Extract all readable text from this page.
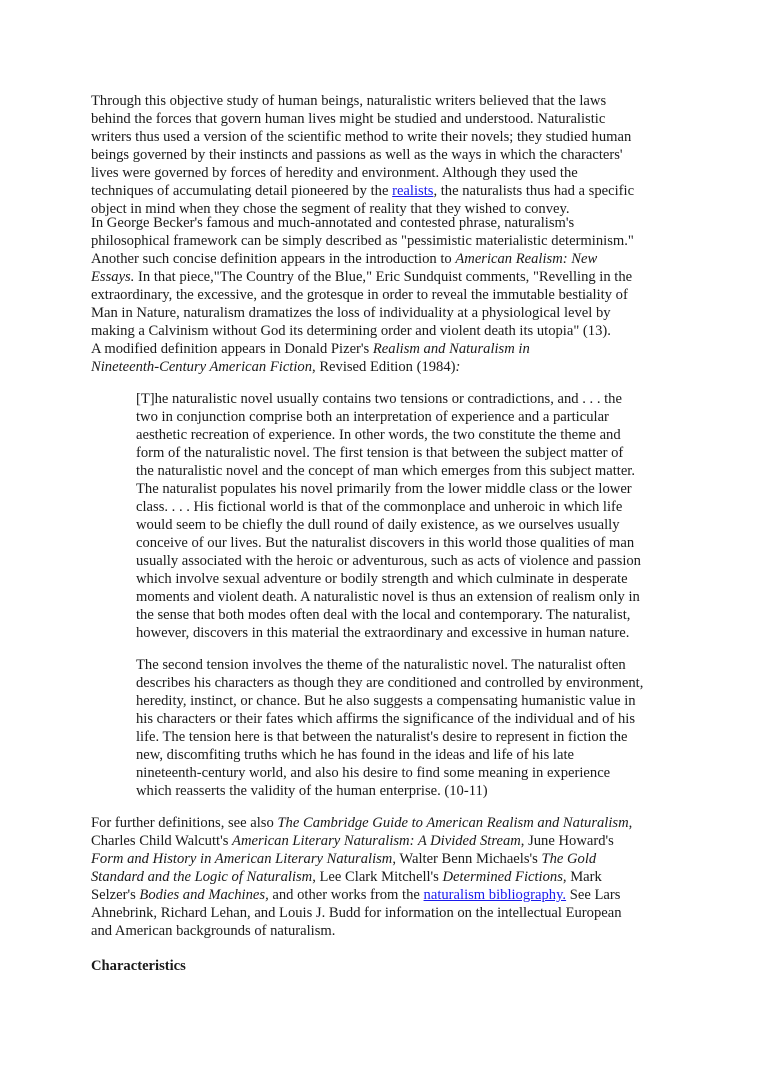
Through this objective study of human beings, naturalistic writers believed that the laws
behind the forces that govern human lives might be studied and understood. Naturalistic
writers thus used a version of the scientific method to write their novels; they studied human
beings governed by their instincts and passions as well as the ways in which the characters'
lives were governed by forces of heredity and environment. Although they used the
techniques of accumulating detail pioneered by the realists, the naturalists thus had a specific
object in mind when they chose the segment of reality that they wished to convey.
In George Becker's famous and much-annotated and contested phrase, naturalism's
philosophical framework can be simply described as "pessimistic materialistic determinism."
Another such concise definition appears in the introduction to American Realism: New
Essays. In that piece,"The Country of the Blue," Eric Sundquist comments, "Revelling in the
extraordinary, the excessive, and the grotesque in order to reveal the immutable bestiality of
Man in Nature, naturalism dramatizes the loss of individuality at a physiological level by
making a Calvinism without God its determining order and violent death its utopia" (13).
A modified definition appears in Donald Pizer's Realism and Naturalism in
Nineteenth-Century American Fiction, Revised Edition (1984):
[T]he naturalistic novel usually contains two tensions or contradictions, and . . . the
two in conjunction comprise both an interpretation of experience and a particular
aesthetic recreation of experience. In other words, the two constitute the theme and
form of the naturalistic novel. The first tension is that between the subject matter of
the naturalistic novel and the concept of man which emerges from this subject matter.
The naturalist populates his novel primarily from the lower middle class or the lower
class. . . . His fictional world is that of the commonplace and unheroic in which life
would seem to be chiefly the dull round of daily existence, as we ourselves usually
conceive of our lives. But the naturalist discovers in this world those qualities of man
usually associated with the heroic or adventurous, such as acts of violence and passion
which involve sexual adventure or bodily strength and which culminate in desperate
moments and violent death. A naturalistic novel is thus an extension of realism only in
the sense that both modes often deal with the local and contemporary. The naturalist,
however, discovers in this material the extraordinary and excessive in human nature.
The second tension involves the theme of the naturalistic novel. The naturalist often
describes his characters as though they are conditioned and controlled by environment,
heredity, instinct, or chance. But he also suggests a compensating humanistic value in
his characters or their fates which affirms the significance of the individual and of his
life. The tension here is that between the naturalist's desire to represent in fiction the
new, discomfiting truths which he has found in the ideas and life of his late
nineteenth-century world, and also his desire to find some meaning in experience
which reasserts the validity of the human enterprise. (10-11)
For further definitions, see also The Cambridge Guide to American Realism and Naturalism,
Charles Child Walcutt's American Literary Naturalism: A Divided Stream, June Howard's
Form and History in American Literary Naturalism, Walter Benn Michaels's The Gold
Standard and the Logic of Naturalism, Lee Clark Mitchell's Determined Fictions, Mark
Selzer's Bodies and Machines, and other works from the naturalism bibliography. See Lars
Ahnebrink, Richard Lehan, and Louis J. Budd for information on the intellectual European
and American backgrounds of naturalism.
Characteristics
